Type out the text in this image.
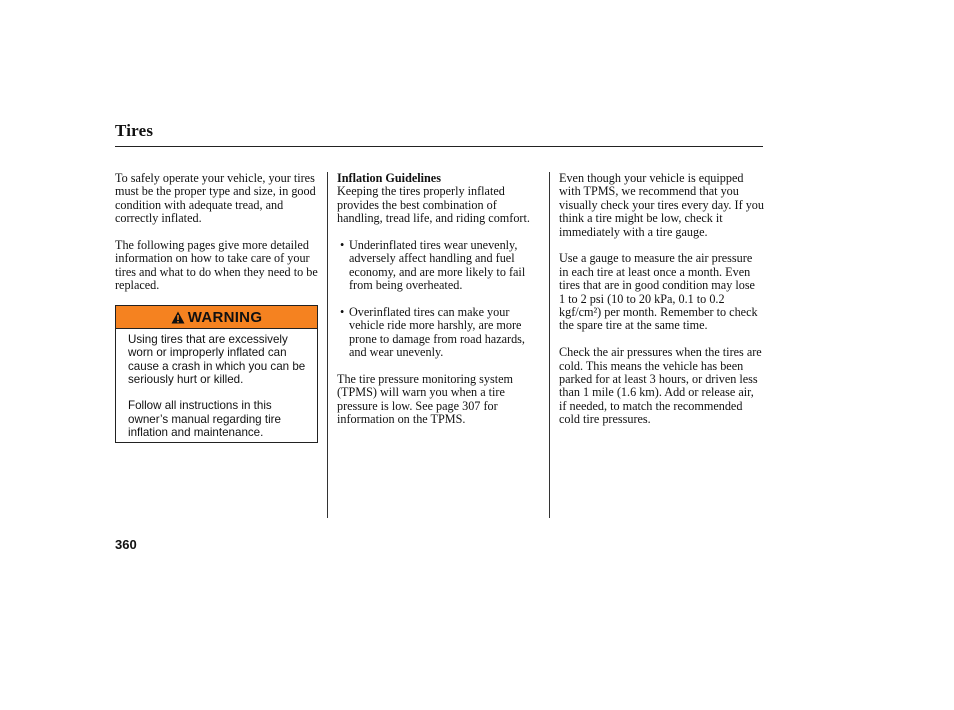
Tires

To safely operate your vehicle, your tires must be the proper type and size, in good condition with adequate tread, and correctly inflated.

The following pages give more detailed information on how to take care of your tires and what to do when they need to be replaced.

WARNING

Using tires that are excessively worn or improperly inflated can cause a crash in which you can be seriously hurt or killed.

Follow all instructions in this owner’s manual regarding tire inflation and maintenance.

Inflation Guidelines

Keeping the tires properly inflated provides the best combination of handling, tread life, and riding comfort.

• Underinflated tires wear unevenly, adversely affect handling and fuel economy, and are more likely to fail from being overheated.
• Overinflated tires can make your vehicle ride more harshly, are more prone to damage from road hazards, and wear unevenly.

The tire pressure monitoring system (TPMS) will warn you when a tire pressure is low. See page 307 for information on the TPMS.

Even though your vehicle is equipped with TPMS, we recommend that you visually check your tires every day. If you think a tire might be low, check it immediately with a tire gauge.

Use a gauge to measure the air pressure in each tire at least once a month. Even tires that are in good condition may lose 1 to 2 psi (10 to 20 kPa, 0.1 to 0.2 kgf/cm²) per month. Remember to check the spare tire at the same time.

Check the air pressures when the tires are cold. This means the vehicle has been parked for at least 3 hours, or driven less than 1 mile (1.6 km). Add or release air, if needed, to match the recommended cold tire pressures.

360
